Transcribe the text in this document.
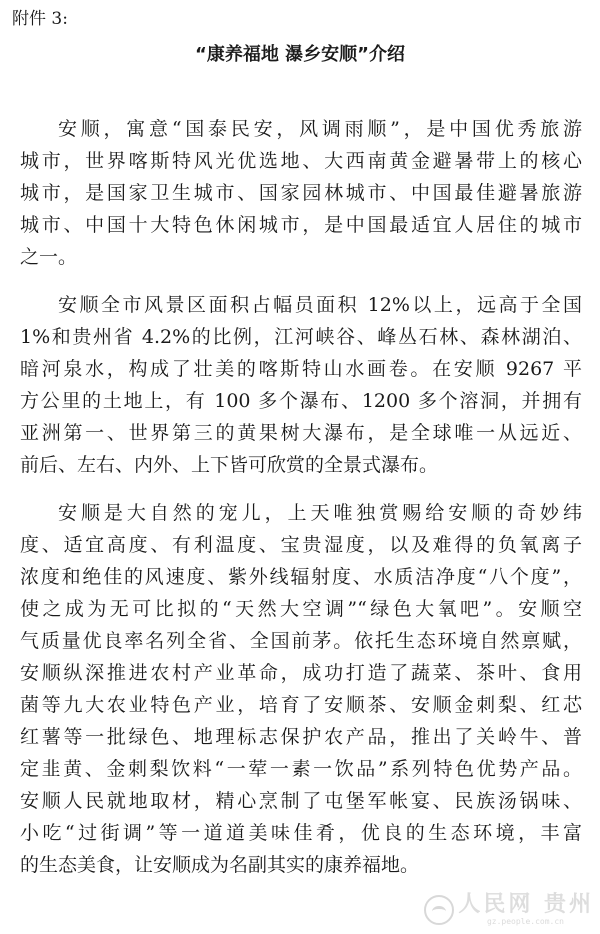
附件 3:
“康养福地 瀑乡安顺”介绍
安顺，寓意“国泰民安，风调雨顺”，是中国优秀旅游
城市，世界喀斯特风光优选地、大西南黄金避暑带上的核心
城市，是国家卫生城市、国家园林城市、中国最佳避暑旅游
城市、中国十大特色休闲城市，是中国最适宜人居住的城市
之一。
安顺全市风景区面积占幅员面积 12%以上，远高于全国
1%和贵州省 4.2%的比例，江河峡谷、峰丛石林、森林湖泊、
暗河泉水，构成了壮美的喀斯特山水画卷。在安顺 9267 平
方公里的土地上，有 100 多个瀑布、1200 多个溶洞，并拥有
亚洲第一、世界第三的黄果树大瀑布，是全球唯一从远近、
前后、左右、内外、上下皆可欣赏的全景式瀑布。
安顺是大自然的宠儿，上天唯独赏赐给安顺的奇妙纬
度、适宜高度、有利温度、宝贵湿度，以及难得的负氧离子
浓度和绝佳的风速度、紫外线辐射度、水质洁净度“八个度”，
使之成为无可比拟的“天然大空调”“绿色大氧吧”。安顺空
气质量优良率名列全省、全国前茅。依托生态环境自然禀赋，
安顺纵深推进农村产业革命，成功打造了蔬菜、茶叶、食用
菌等九大农业特色产业，培育了安顺茶、安顺金刺梨、红芯
红薯等一批绿色、地理标志保护农产品，推出了关岭牛、普
定韭黄、金刺梨饮料“一荤一素一饮品”系列特色优势产品。
安顺人民就地取材，精心烹制了屯堡军帐宴、民族汤锅味、
小吃“过街调”等一道道美味佳肴，优良的生态环境，丰富
的生态美食，让安顺成为名副其实的康养福地。
人民网 贵州
gz.people.com.cn
